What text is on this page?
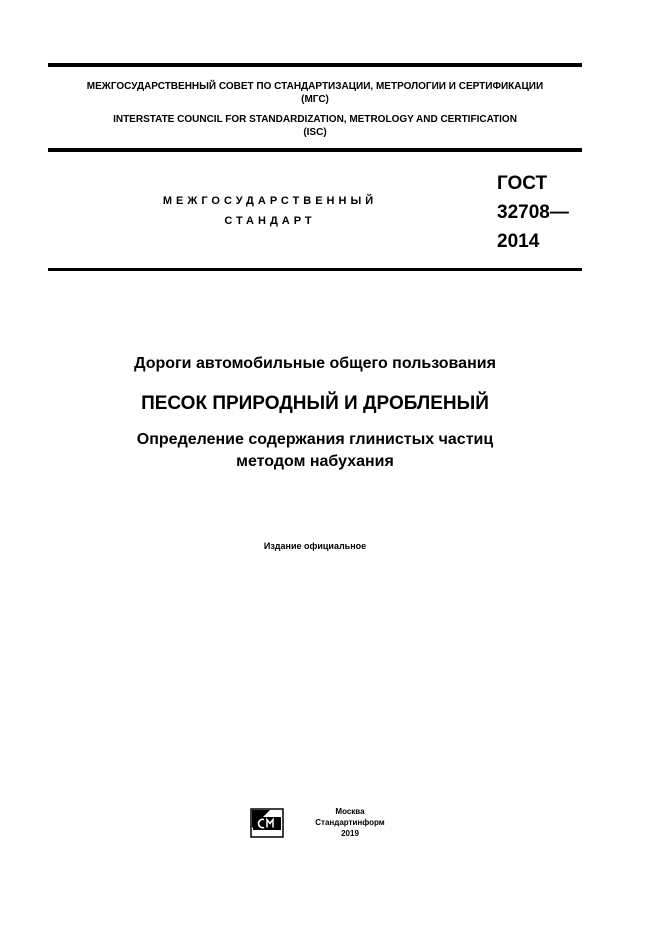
МЕЖГОСУДАРСТВЕННЫЙ СОВЕТ ПО СТАНДАРТИЗАЦИИ, МЕТРОЛОГИИ И СЕРТИФИКАЦИИ
(МГС)
INTERSTATE COUNCIL FOR STANDARDIZATION, METROLOGY AND CERTIFICATION
(ISC)
МЕЖГОСУДАРСТВЕННЫЙ
СТАНДАРТ
ГОСТ
32708—
2014
Дороги автомобильные общего пользования
ПЕСОК ПРИРОДНЫЙ И ДРОБЛЕНЫЙ
Определение содержания глинистых частиц
методом набухания
Издание официальное
Москва
Стандартинформ
2019
